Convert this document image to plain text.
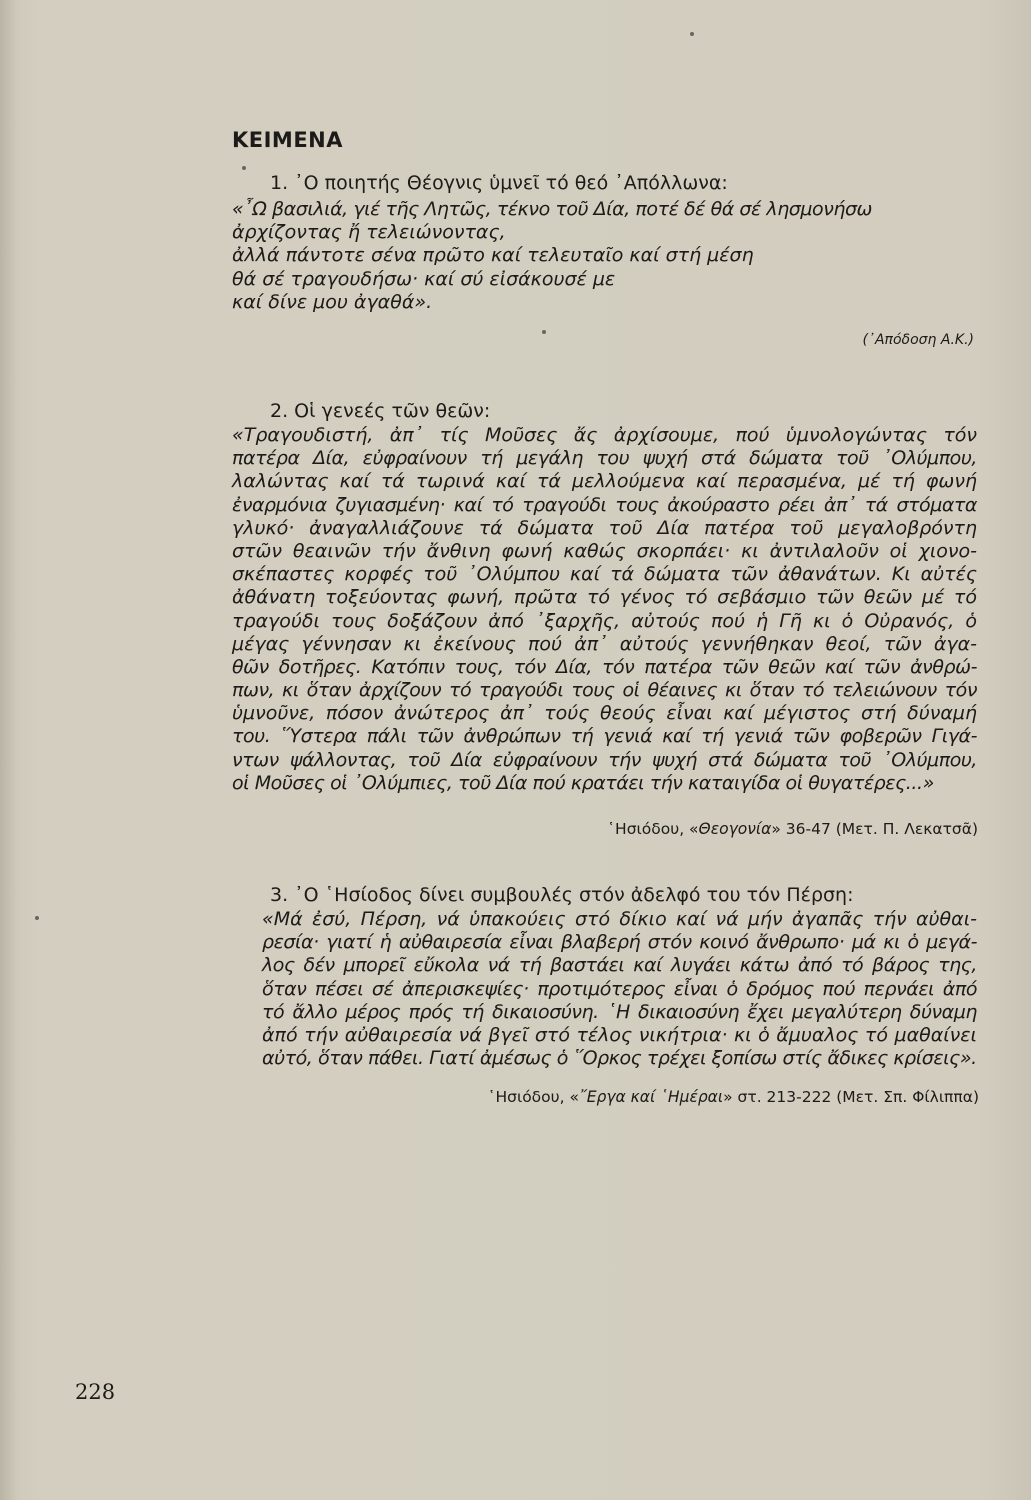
ΚΕΙΜΕΝΑ
1. ᾿Ο ποιητής Θέογνις ὑμνεῖ τό θεό ᾿Απόλλωνα:
«῏Ω βασιλιά, γιέ τῆς Λητῶς, τέκνο τοῦ Δία, ποτέ δέ θά σέ λησμονήσω
ἀρχίζοντας ἤ τελειώνοντας,
ἀλλά πάντοτε σένα πρῶτο καί τελευταῖο καί στή μέση
θά σέ τραγουδήσω· καί σύ εἰσάκουσέ με
καί δίνε μου ἀγαθά».
(᾿Απόδοση Α.Κ.)
2. Οἱ γενεές τῶν θεῶν:
«Τραγουδιστή, ἀπ᾿ τίς Μοῦσες ἄς ἀρχίσουμε, πού ὑμνολογώντας τόν
πατέρα Δία, εὐφραίνουν τή μεγάλη του ψυχή στά δώματα τοῦ ᾿Ολύμπου,
λαλώντας καί τά τωρινά καί τά μελλούμενα καί περασμένα, μέ τή φωνή
ἐναρμόνια ζυγιασμένη· καί τό τραγούδι τους ἀκούραστο ρέει ἀπ᾿ τά στόματα
γλυκό· ἀναγαλλιάζουνε τά δώματα τοῦ Δία πατέρα τοῦ μεγαλοβρόντη
στῶν θεαινῶν τήν ἄνθινη φωνή καθώς σκορπάει· κι ἀντιλαλοῦν οἱ χιονο-
σκέπαστες κορφές τοῦ ᾿Ολύμπου καί τά δώματα τῶν ἀθανάτων. Κι αὐτές
ἀθάνατη τοξεύοντας φωνή, πρῶτα τό γένος τό σεβάσμιο τῶν θεῶν μέ τό
τραγούδι τους δοξάζουν ἀπό ᾿ξαρχῆς, αὐτούς πού ἡ Γῆ κι ὁ Οὐρανός, ὁ
μέγας γέννησαν κι ἐκείνους πού ἀπ᾿ αὐτούς γεννήθηκαν θεοί, τῶν ἀγα-
θῶν δοτῆρες. Κατόπιν τους, τόν Δία, τόν πατέρα τῶν θεῶν καί τῶν ἀνθρώ-
πων, κι ὅταν ἀρχίζουν τό τραγούδι τους οἱ θέαινες κι ὅταν τό τελειώνουν τόν
ὑμνοῦνε, πόσον ἀνώτερος ἀπ᾿ τούς θεούς εἶναι καί μέγιστος στή δύναμή
του. ῞Υστερα πάλι τῶν ἀνθρώπων τή γενιά καί τή γενιά τῶν φοβερῶν Γιγά-
ντων ψάλλοντας, τοῦ Δία εὐφραίνουν τήν ψυχή στά δώματα τοῦ ᾿Ολύμπου,
οἱ Μοῦσες οἱ ᾿Ολύμπιες, τοῦ Δία πού κρατάει τήν καταιγίδα οἱ θυγατέρες...»
῾Ησιόδου, «Θεογονία» 36-47 (Μετ. Π. Λεκατσᾶ)
3. ᾿Ο ῾Ησίοδος δίνει συμβουλές στόν ἀδελφό του τόν Πέρση:
«Μά ἐσύ, Πέρση, νά ὑπακούεις στό δίκιο καί νά μήν ἀγαπᾶς τήν αὐθαι-
ρεσία· γιατί ἡ αὐθαιρεσία εἶναι βλαβερή στόν κοινό ἄνθρωπο· μά κι ὁ μεγά-
λος δέν μπορεῖ εὔκολα νά τή βαστάει καί λυγάει κάτω ἀπό τό βάρος της,
ὅταν πέσει σέ ἀπερισκεψίες· προτιμότερος εἶναι ὁ δρόμος πού περνάει ἀπό
τό ἄλλο μέρος πρός τή δικαιοσύνη. ῾Η δικαιοσύνη ἔχει μεγαλύτερη δύναμη
ἀπό τήν αὐθαιρεσία νά βγεῖ στό τέλος νικήτρια· κι ὁ ἄμυαλος τό μαθαίνει
αὐτό, ὅταν πάθει. Γιατί ἀμέσως ὁ ῞Ορκος τρέχει ξοπίσω στίς ἄδικες κρίσεις».
῾Ησιόδου, «῎Εργα καί ῾Ημέραι» στ. 213-222 (Μετ. Σπ. Φίλιππα)
228
